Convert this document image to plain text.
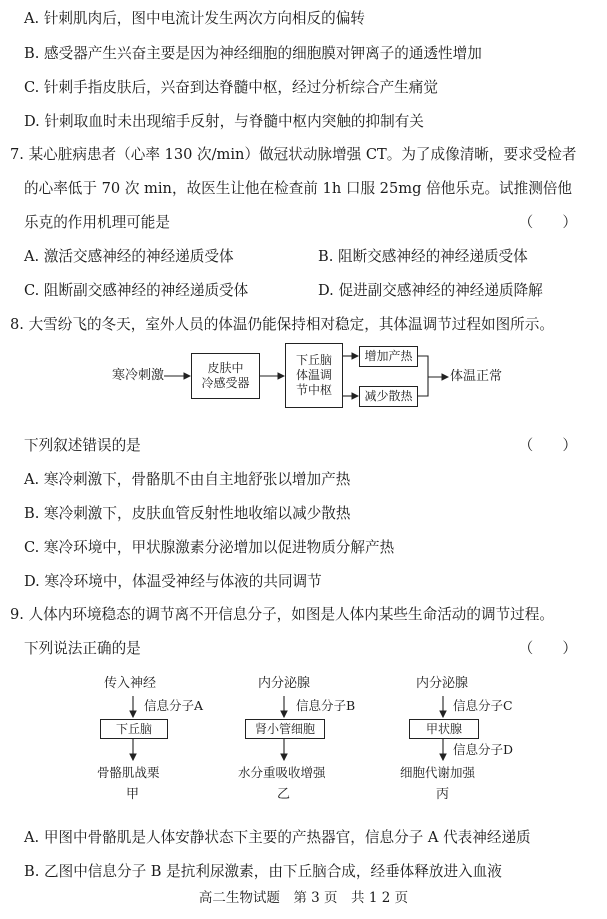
A. 针刺肌肉后，图中电流计发生两次方向相反的偏转
B. 感受器产生兴奋主要是因为神经细胞的细胞膜对钾离子的通透性增加
C. 针刺手指皮肤后，兴奋到达脊髓中枢，经过分析综合产生痛觉
D. 针刺取血时未出现缩手反射，与脊髓中枢内突触的抑制有关
7. 某心脏病患者（心率 130 次/min）做冠状动脉增强 CT。为了成像清晰，要求受检者
的心率低于 70 次 min，故医生让他在检查前 1h 口服 25mg 倍他乐克。试推测倍他
乐克的作用机理可能是	（　　）
A. 激活交感神经的神经递质受体	B. 阻断交感神经的神经递质受体
C. 阻断副交感神经的神经递质受体	D. 促进副交感神经的神经递质降解
8. 大雪纷飞的冬天，室外人员的体温仍能保持相对稳定，其体温调节过程如图所示。
寒冷刺激	皮肤中
冷感受器
下丘脑
体温调
节中枢
增加产热
减少散热
体温正常
下列叙述错误的是	（　　）
A. 寒冷刺激下，骨骼肌不由自主地舒张以增加产热
B. 寒冷刺激下，皮肤血管反射性地收缩以减少散热
C. 寒冷环境中，甲状腺激素分泌增加以促进物质分解产热
D. 寒冷环境中，体温受神经与体液的共同调节
9. 人体内环境稳态的调节离不开信息分子，如图是人体内某些生命活动的调节过程。
下列说法正确的是	（　　）
传入神经
信息分子A
下丘脑
骨骼肌战栗
甲
内分泌腺
信息分子B
肾小管细胞
水分重吸收增强
乙
内分泌腺
信息分子C
甲状腺
信息分子D
细胞代谢加强
丙
A. 甲图中骨骼肌是人体安静状态下主要的产热器官，信息分子 A 代表神经递质
B. 乙图中信息分子 B 是抗利尿激素，由下丘脑合成，经垂体释放进入血液
高二生物试题　第 3 页　共 1 2 页
